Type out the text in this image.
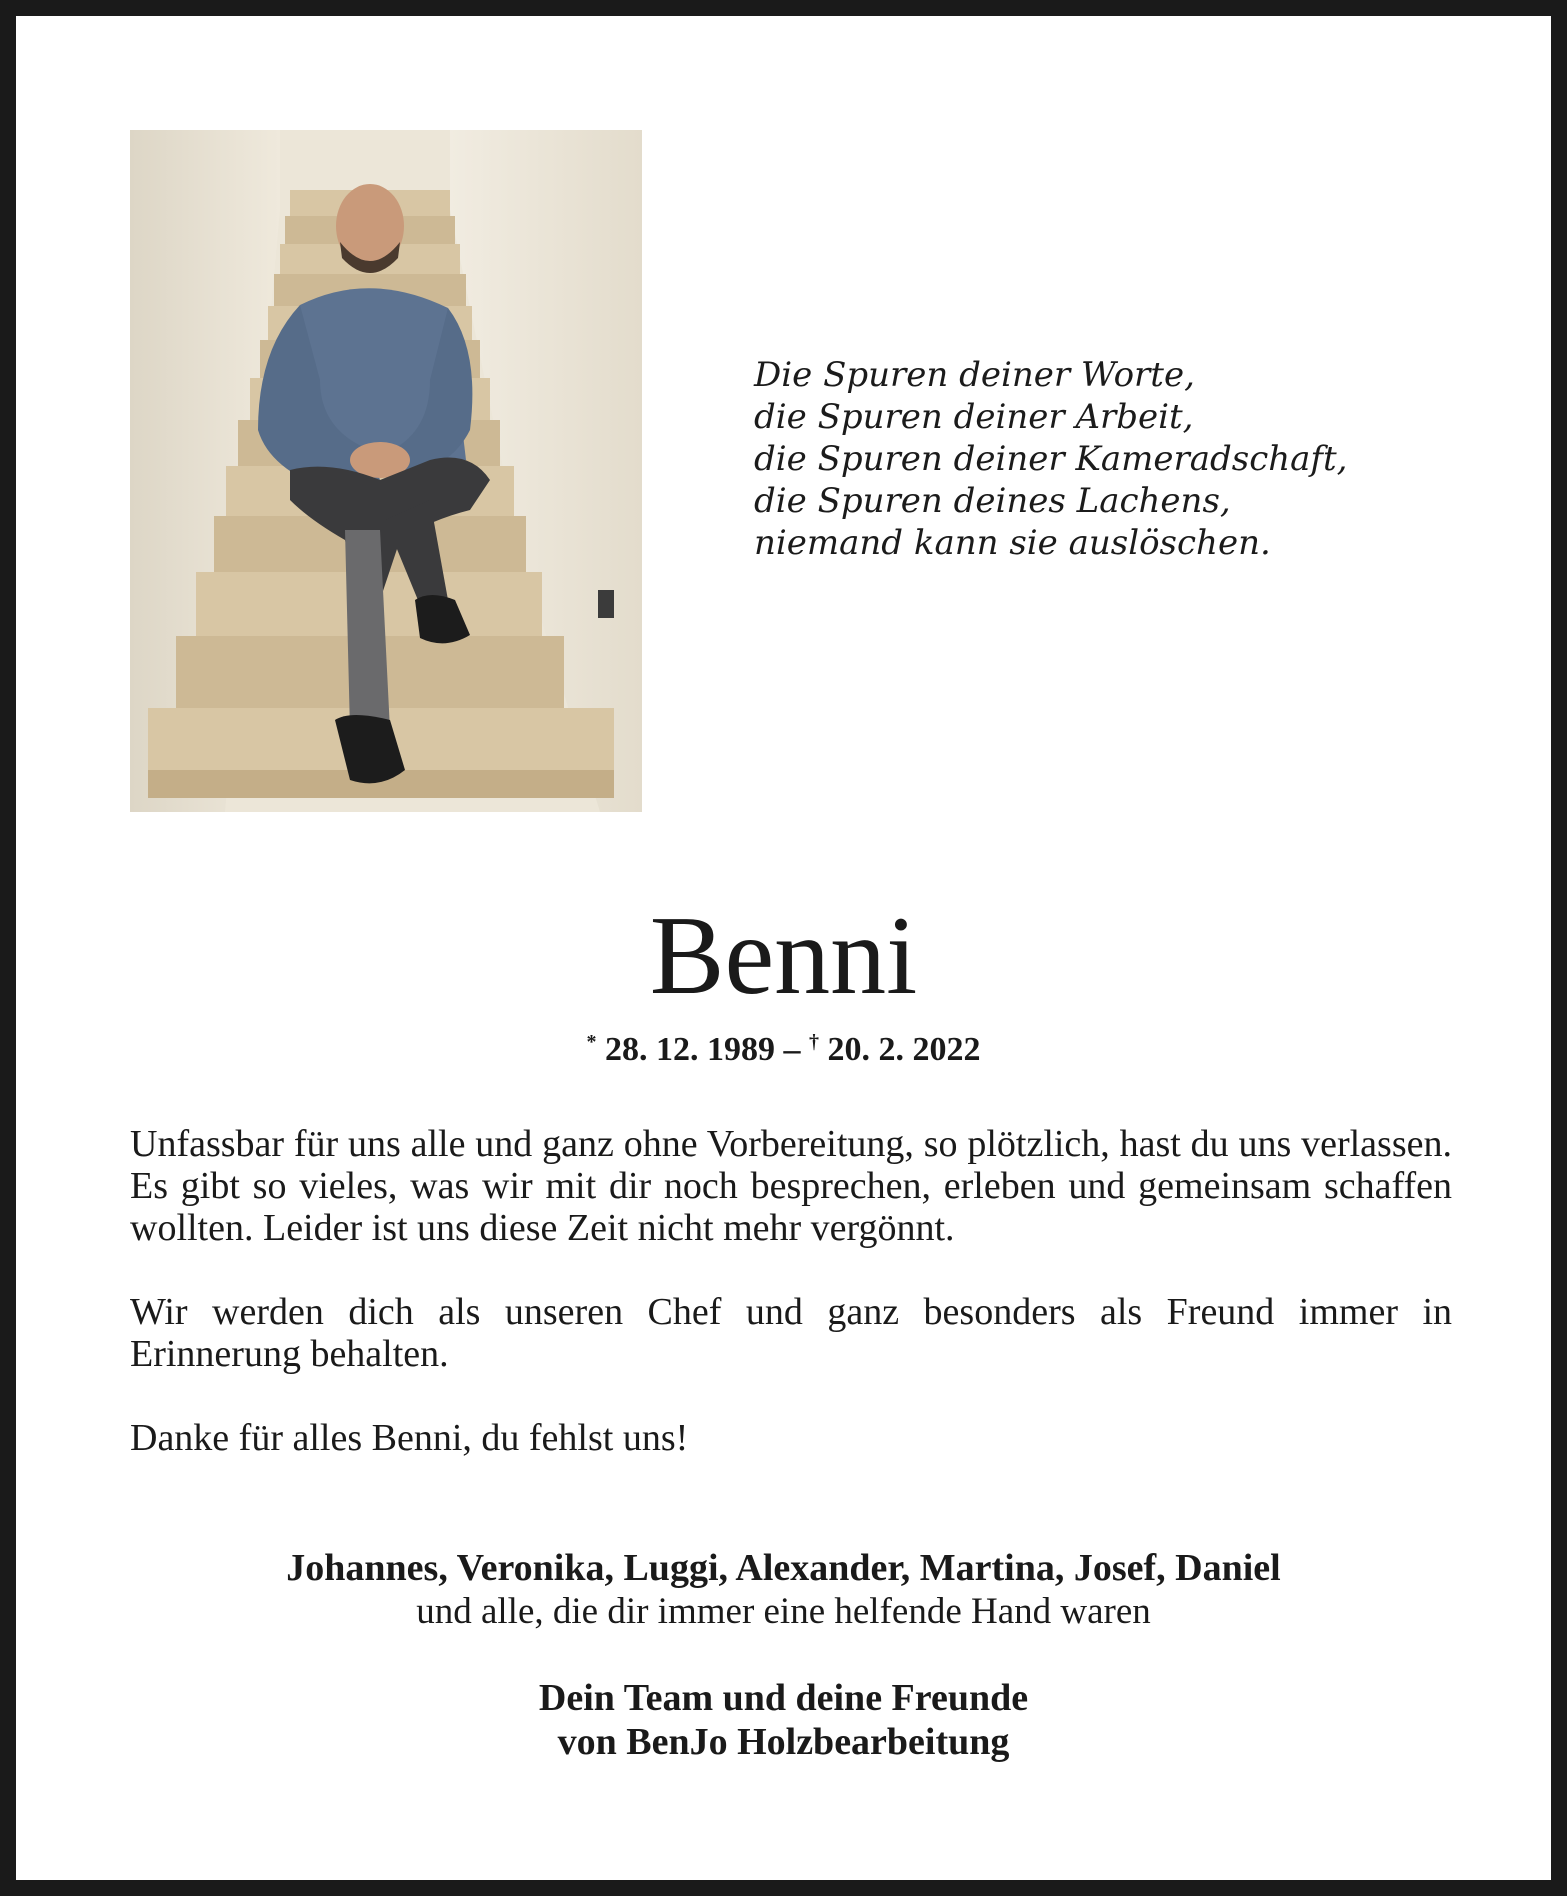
Die Spuren deiner Worte,
die Spuren deiner Arbeit,
die Spuren deiner Kameradschaft,
die Spuren deines Lachens,
niemand kann sie auslöschen.
Benni
* 28. 12. 1989 – † 20. 2. 2022

Unfassbar für uns alle und ganz ohne Vorbereitung, so plötzlich, hast du uns verlassen. Es gibt so vieles, was wir mit dir noch besprechen, erleben und gemeinsam schaffen wollten. Leider ist uns diese Zeit nicht mehr vergönnt.

Wir werden dich als unseren Chef und ganz besonders als Freund immer in Erinnerung behalten.

Danke für alles Benni, du fehlst uns!

Johannes, Veronika, Luggi, Alexander, Martina, Josef, Daniel
und alle, die dir immer eine helfende Hand waren
Dein Team und deine Freunde
von BenJo Holzbearbeitung
